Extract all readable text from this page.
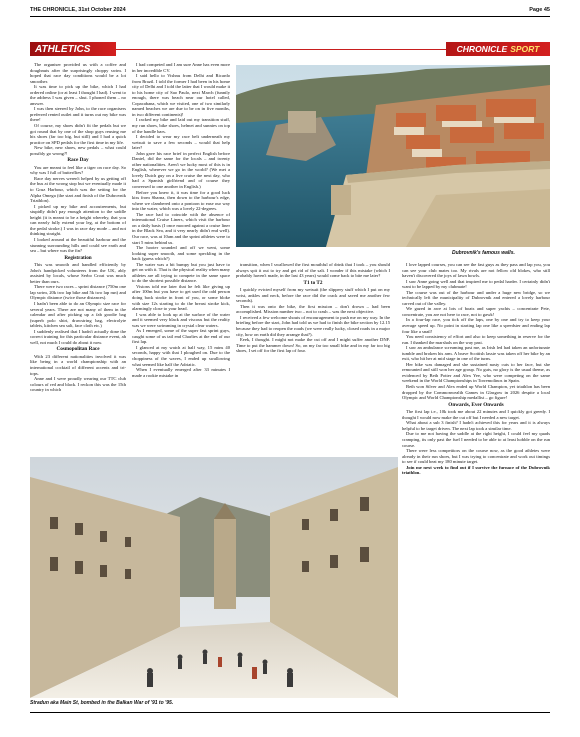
THE CHRONICLE, 31st October 2024	Page 45
ATHLETICS	CHRONICLE SPORT

The organiser provided us with a coffee and doughnuts after the surprisingly choppy swim. I hoped that race day conditions would be a lot smoother.

It was time to pick up the bike, which I had ordered online (or at least I thought I had). I went to the address I was given – shut. I phoned them – no answer.

I was then steered by John, to the race organisers preferred rented outlet and it turns out my bike was there!

Of course, my shoes didn't fit the pedals but we got round that by one of the shop guys reusing me his shoes (far too big, but still) and I had a quick practice on SPD pedals for the first time in my life.

New bike, new shoes, new pedals – what could possibly go wrong?!

Race Day

You are meant to feel like a tiger on race day. So why was I full of butterflies?

Race day nerves weren't helped by us getting off the bus at the wrong stop but we eventually made it to Gruz Harbour, which was the setting for the Alpha Omega (the start and finish of the Dubrovnik Triathlon).

I picked up my bike and accoutrements, but stupidly didn't pay enough attention to the saddle height (it is meant to be a height whereby, that you can nearly fully extend your leg, at the bottom of the pedal stroke.) I was in race day mode – and not thinking straight.

I looked around at the beautiful harbour and the stunning surrounding hills and could see earth and sea – but where was the fin?

Registration

This was smooth and handled efficiently by John's handpicked volunteers from the UK, ably assisted by locals, whose Serbo Croat was much better than ours.

There were two races – sprint distance (750m one lap swim, 20k two lap bike and 5k two lap run) and Olympic distance (twice those distances).

I hadn't been able to do an Olympic size race for several years. There are not many of them in the calendar and after picking up a fab goodie bag (superb polo shirt, drawstring bag, electrolyte tablets, kitchen sea salt, face cloth etc.)

I suddenly realised that I hadn't actually done the correct training for this particular distance event, ah well, not much I could do about it now.

Cosmopolitan Race

With 23 different nationalities involved it was like being in a world championship with an international cocktail of different accents and tri-tops.

Anne and I were proudly wearing our TTC club colours of red and black. I reckon this was the 15th country in which

I had competed and I am sure Anne has even more in her incredible CV.

I said hello to Vishnu from Delhi and Ricardo from Brazil. I told the former I had been in his home city of Delhi and I told the latter that I would make it to his home city of Sao Paulo, next March (funnily enough, there was beach near our hotel called, Copacabana, which we visited, one of two similarly named beaches we are due to be on in five months, in two different continents)!

I racked my bike and laid out my transition stuff, my run shoes, bike shoes, helmet and sunnies on top of the handle bars.

I decided to wear my race belt underneath my wetsuit to save a few seconds – would that help later?

John gave his race brief in perfect English before Daniel, did the same for the locals – and twenty other nationalities. Aren't we lucky most of this is in English, wherever we go in the world? (We met a lovely Dutch guy on a live cruise the next day, who had a Spanish girlfriend and of course they conversed to one another in English.)

Before you knew it, it was time for a good luck kiss from Sharna, then down to the harbour's edge, where we clambered onto a pontoon to ease our way into the water, which was a lovely 22-degrees.

The race had to coincide with the absence of international Cruise Liners, which visit the harbour on a daily basis (I once moored against a cruise liner in the Black Sea, and it very nearly didn't end well). Our race, was at 10am and the sprint athletes were to start 5 mins behind us.

The hooter sounded and off we went, some looking super smooth, and some speckling in the back (guess which?)

The water was a bit bumpy but you just have to get on with it. That is the physical reality when many athletes are all trying to compete in the same space to do the shortest possible distance.

Visions told me later that he felt like giving up after 100m but you have to get used the odd person doing back stroke in front of you, or some bloke with size 12s starting to do the breast stroke kick, alarmingly close to your head.

I was able to look up at the surface of the water and it seemed very black and viscous but the reality was we were swimming in crystal clear waters.

As I emerged, some of the super fast sprint guys, caught some of us tail end Charlies at the end of our first lap.

I glanced at my watch at half way, 15 mins 40 seconds, happy with that I ploughed on. Due to the choppiness of the waves, I ended up swallowing what seemed like half the Adriatic.

When I eventually emerged after 33 minutes I made a rookie mistake in

Dubrovnik's famous walls.

transition, when I swallowed the first mouthful of drink that I took – you should always spit it out to try and get rid of the salt. I wonder if this mistake (which I probably haven't made, in the last 43 years) would come back to bite me later?

T1 to T2

I quickly evicted myself from my wetsuit (the slippery stuff which I put on my wrist, ankles and neck, before the race did the crack and saved me another few seconds).

Then it was onto the bike, the first mission – don't drown – had been accomplished. Mission number two – not to crash – was the next objective.

I received a few welcome shouts of encouragement to push me on my way. In the briefing before the start, John had told us we had to finish the bike section by 12.15 because they had to reopen the roads (we were really lucky, closed roads in a major city, how on earth did they arrange that?).

Eeek, I thought. I might not make the cut off and I might suffer another DNF. Time to put the hammer down! So, on my far too small bike and in my far too big shoes, I set off for the first lap of four.

I love lapped courses, you can see the fast guys as they pass and lap you, you can see your club mates too. My rivals are not fellow old blokes, who still haven't discovered the joys of lawn bowls.

I saw Anne going well and that inspired me to pedal harder. I certainly didn't want to be lapped by my clubmate!

The course was out of the harbour and under a huge new bridge, so we technically left the municipality of Dubrovnik and entered a lovely harbour carved out of the valley.

We gazed in awe at lots of boats and super yachts – concentrate Pete, concentrate, you are not here to race, not to gawk!

In a four-lap race, you tick off the laps, one by one and try to keep your average speed up. No point in starting lap one like a speedster and ending lap four like a snail!

You need consistency of effort and also to keep something in reserve for the run. I thanked the marshals on the way past.

I saw an ambulance screaming past me, as Irish led had taken an unfortunate tumble and broken his arm. A brave Scottish lassie was taken off her bike by an exit, who hit her at mid stage in one of the turns.

Her bike was damaged and she sustained nasty cuts to her face, but she remounted and still won her age group. No guts, no glory is the usual theme, as evidenced by Beth Potter and Alex Yee, who were competing on the same weekend in the World Championships in Torremolinos in Spain.

Beth won Silver and Alex ended up World Champion, yet triathlon has been dropped by the Commonwealth Games in Glasgow in 2026 despite a local Olympic and World Championship medallist – go figure!

Onwards, Ever Onwards

The first lap i.e., 10k took me about 22 minutes and I quickly got greedy. I thought I would now make the cut off but I needed a new target.

What about a sub 3 finish? I hadn't achieved this for years and it is always helpful to be target driven. The next lap took a similar time.

Due to me not having the saddle at the right height, I could feel my quads cramping, its only past the fuel I needed to be able to at least hobble on the run course.

There were less competitors on the course now, as the good athletes were already in their run shoes, but I was trying to concentrate and work out timings to see if could beat my 180 minute target.

Join me next week to find out if I survive the furnace of the Dubrovnik triathlon.

Stradun aka Main St, bombed in the Balkan War of '91 to '95.
